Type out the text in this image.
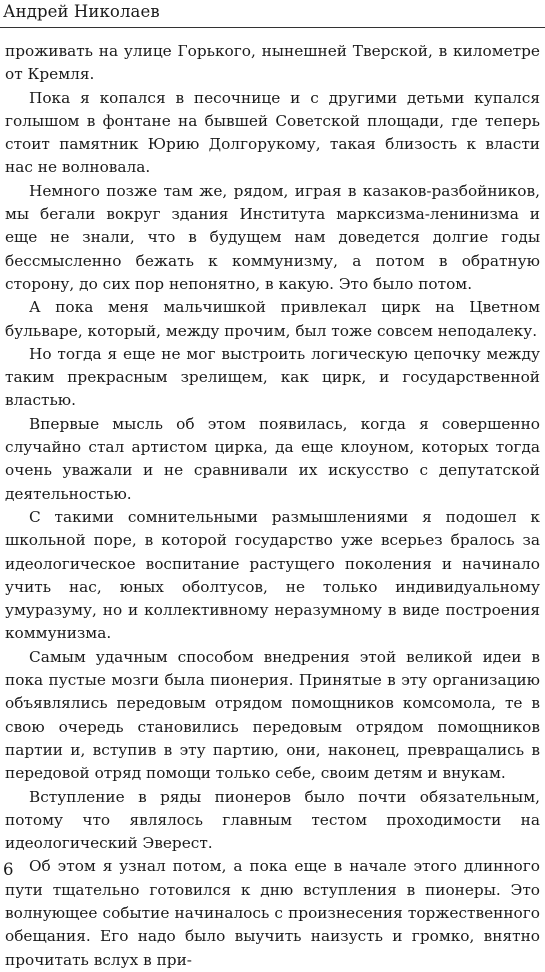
Андрей Николаев

проживать на улице Горького, нынешней Тверской, в километре от Кремля.

Пока я копался в песочнице и с другими детьми купался голышом в фонтане на бывшей Советской площади, где теперь стоит памятник Юрию Долгорукому, такая близость к власти нас не волновала.

Немного позже там же, рядом, играя в казаков-разбойников, мы бегали вокруг здания Института марксизма-ленинизма и еще не знали, что в будущем нам доведется долгие годы бессмысленно бежать к коммунизму, а потом в обратную сторону, до сих пор непонятно, в какую. Это было потом.

А пока меня мальчишкой привлекал цирк на Цветном бульваре, который, между прочим, был тоже совсем неподалеку.

Но тогда я еще не мог выстроить логическую цепочку между таким прекрасным зрелищем, как цирк, и государственной властью.

Впервые мысль об этом появилась, когда я совершенно случайно стал артистом цирка, да еще клоуном, которых тогда очень уважали и не сравнивали их искусство с депутатской деятельностью.

С такими сомнительными размышлениями я подошел к школьной поре, в которой государство уже всерьез бралось за идеологическое воспитание растущего поколения и начинало учить нас, юных оболтусов, не только индивидуальному умуразуму, но и коллективному неразумному в виде построения коммунизма.

Самым удачным способом внедрения этой великой идеи в пока пустые мозги была пионерия. Принятые в эту организацию объявлялись передовым отрядом помощников комсомола, те в свою очередь становились передовым отрядом помощников партии и, вступив в эту партию, они, наконец, превращались в передовой отряд помощи только себе, своим детям и внукам.

Вступление в ряды пионеров было почти обязательным, потому что являлось главным тестом проходимости на идеологический Эверест.

Об этом я узнал потом, а пока еще в начале этого длинного пути тщательно готовился к дню вступления в пионеры. Это волнующее событие начиналось с произнесения торжественного обещания. Его надо было выучить наизусть и громко, внятно прочитать вслух в при-

6
